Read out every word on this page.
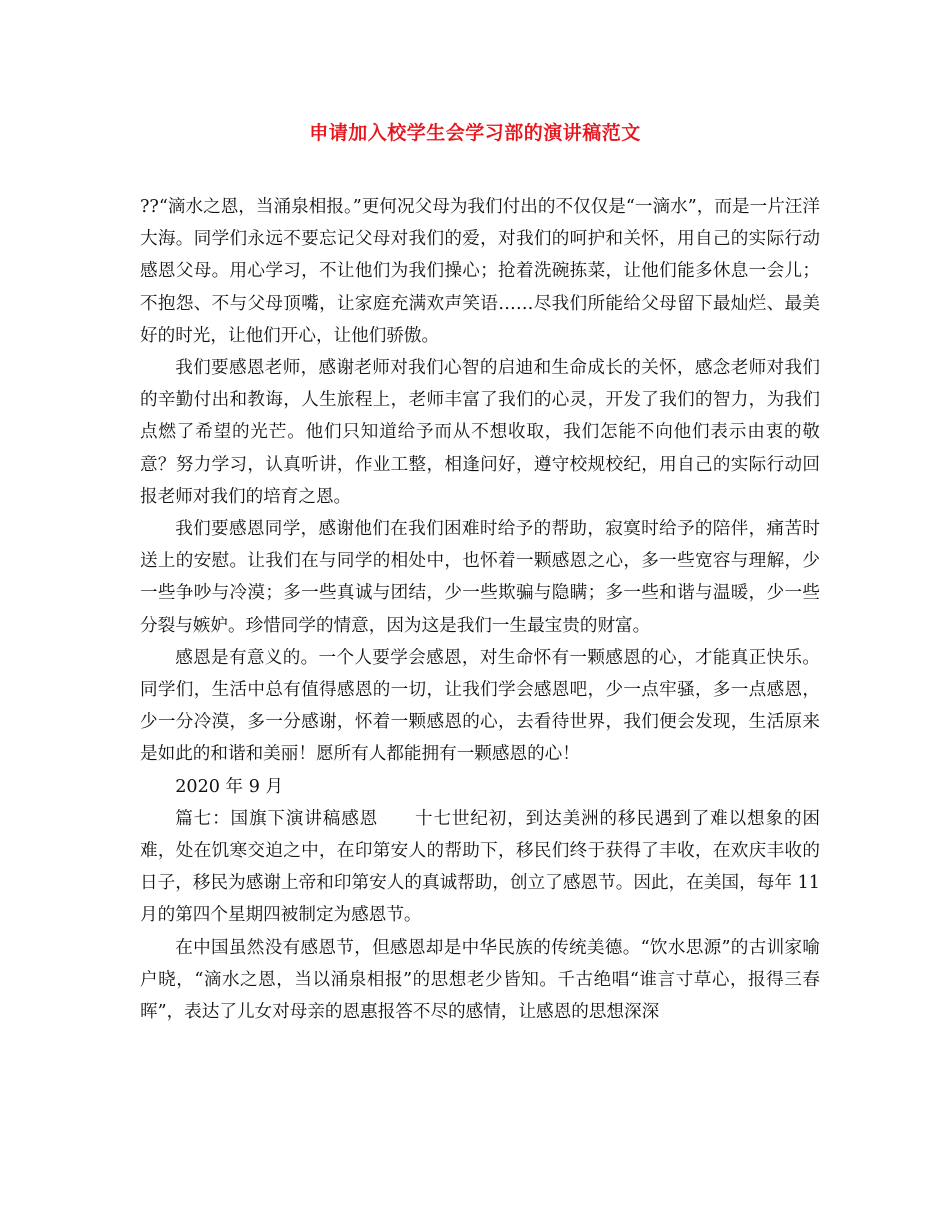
申请加入校学生会学习部的演讲稿范文

??“滴水之恩，当涌泉相报。”更何况父母为我们付出的不仅仅是“一滴水”，而是一片汪洋大海。同学们永远不要忘记父母对我们的爱，对我们的呵护和关怀，用自己的实际行动感恩父母。用心学习，不让他们为我们操心；抢着洗碗拣菜，让他们能多休息一会儿；不抱怨、不与父母顶嘴，让家庭充满欢声笑语……尽我们所能给父母留下最灿烂、最美好的时光，让他们开心，让他们骄傲。

我们要感恩老师，感谢老师对我们心智的启迪和生命成长的关怀，感念老师对我们的辛勤付出和教诲，人生旅程上，老师丰富了我们的心灵，开发了我们的智力，为我们点燃了希望的光芒。他们只知道给予而从不想收取，我们怎能不向他们表示由衷的敬意？努力学习，认真听讲，作业工整，相逢问好，遵守校规校纪，用自己的实际行动回报老师对我们的培育之恩。

我们要感恩同学，感谢他们在我们困难时给予的帮助，寂寞时给予的陪伴，痛苦时送上的安慰。让我们在与同学的相处中，也怀着一颗感恩之心，多一些宽容与理解，少一些争吵与冷漠；多一些真诚与团结，少一些欺骗与隐瞒；多一些和谐与温暖，少一些分裂与嫉妒。珍惜同学的情意，因为这是我们一生最宝贵的财富。

感恩是有意义的。一个人要学会感恩，对生命怀有一颗感恩的心，才能真正快乐。同学们，生活中总有值得感恩的一切，让我们学会感恩吧，少一点牢骚，多一点感恩，少一分冷漠，多一分感谢，怀着一颗感恩的心，去看待世界，我们便会发现，生活原来是如此的和谐和美丽！愿所有人都能拥有一颗感恩的心！

2020 年 9 月

篇七：国旗下演讲稿感恩　　十七世纪初，到达美洲的移民遇到了难以想象的困难，处在饥寒交迫之中，在印第安人的帮助下，移民们终于获得了丰收，在欢庆丰收的日子，移民为感谢上帝和印第安人的真诚帮助，创立了感恩节。因此，在美国，每年 11 月的第四个星期四被制定为感恩节。

在中国虽然没有感恩节，但感恩却是中华民族的传统美德。“饮水思源”的古训家喻户晓，“滴水之恩，当以涌泉相报”的思想老少皆知。千古绝唱“谁言寸草心，报得三春晖”，表达了儿女对母亲的恩惠报答不尽的感情，让感恩的思想深深
